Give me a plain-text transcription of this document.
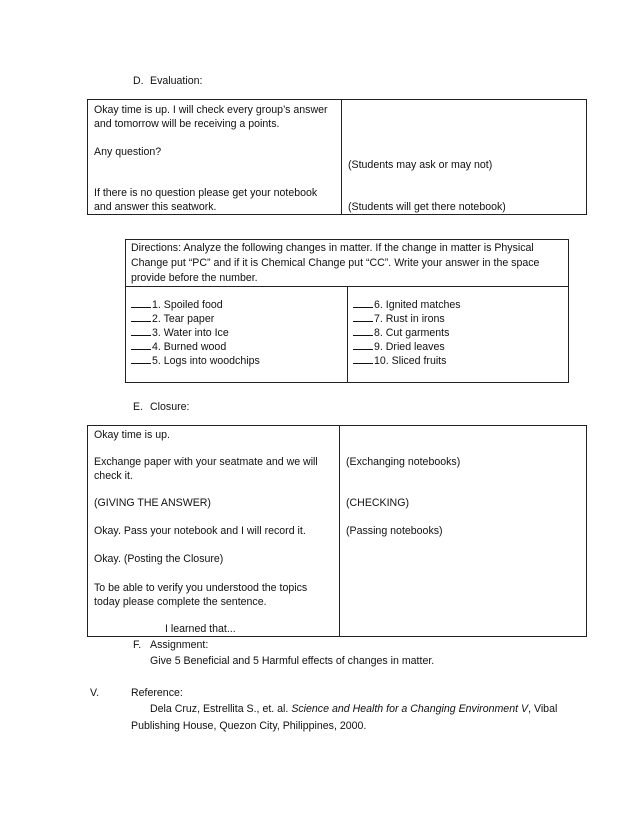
D. Evaluation:
Okay time is up. I will check every group’s answer
and tomorrow will be receiving a points.
Any question?
If there is no question please get your notebook
and answer this seatwork.
(Students may ask or may not)
(Students will get there notebook)
Directions: Analyze the following changes in matter. If the change in matter is Physical
Change put “PC” and if it is Chemical Change put “CC”. Write your answer in the space
provide before the number.
1. Spoiled food
2. Tear paper
3. Water into Ice
4. Burned wood
5. Logs into woodchips
6. Ignited matches
7. Rust in irons
8. Cut garments
9. Dried leaves
10. Sliced fruits
E. Closure:
Okay time is up.
Exchange paper with your seatmate and we will
check it.
(GIVING THE ANSWER)
Okay. Pass your notebook and I will record it.
Okay. (Posting the Closure)
To be able to verify you understood the topics
today please complete the sentence.
I learned that...
(Exchanging notebooks)
(CHECKING)
(Passing notebooks)
F. Assignment:
Give 5 Beneficial and 5 Harmful effects of changes in matter.
V.	Reference:
Dela Cruz, Estrellita S., et. al. Science and Health for a Changing Environment V, Vibal
Publishing House, Quezon City, Philippines, 2000.
